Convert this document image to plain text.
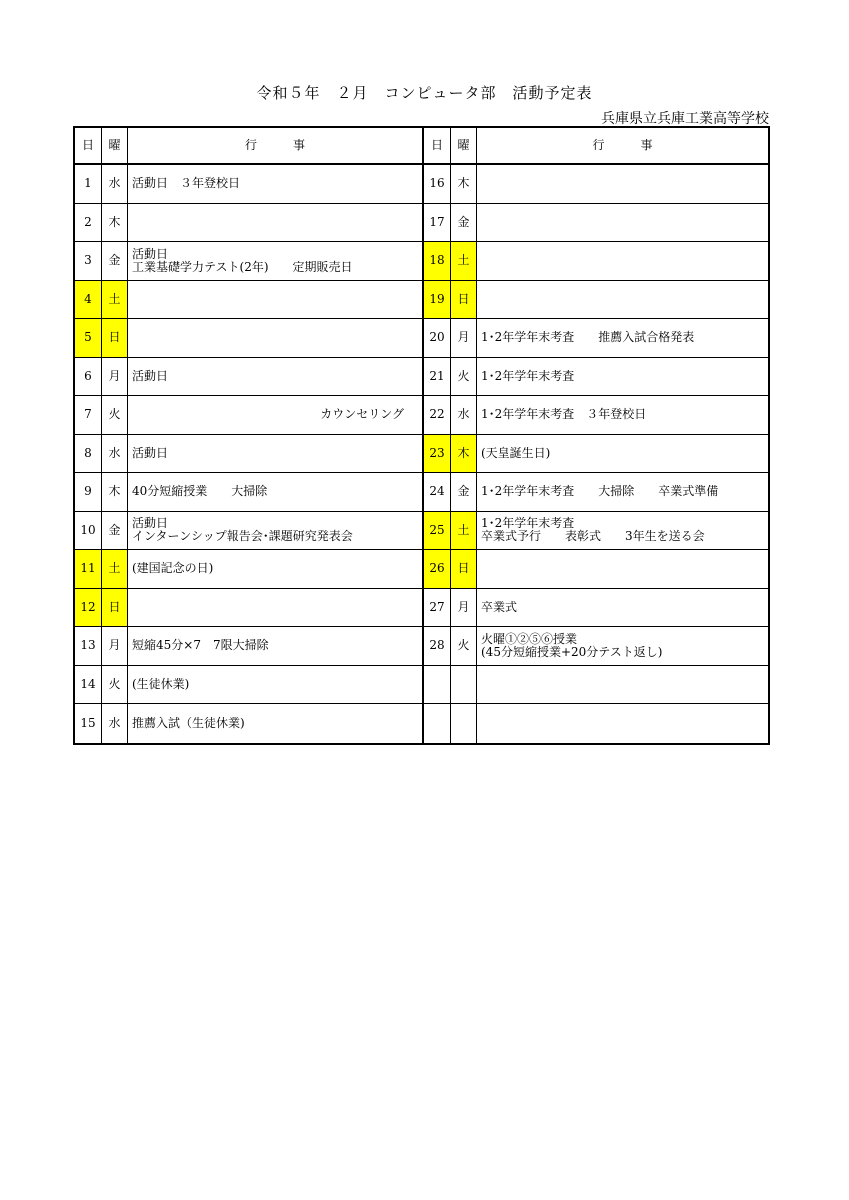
令和５年　２月　コンピュータ部　活動予定表
兵庫県立兵庫工業高等学校
日	曜	行　　　事
1	水 活動日　３年登校日
2	木
3	金 活動日
工業基礎学力テスト(2年)　　定期販売日
4	土
5	日
6	月 活動日
7	火	カウンセリング
8	水 活動日
9	木 40分短縮授業　　大掃除
10	金 活動日
インターンシップ報告会･課題研究発表会
11	土 (建国記念の日)
12	日
13	月 短縮45分×7　7限大掃除
14	火 (生徒休業)
15	水 推薦入試（生徒休業)
日	曜	行　　　事
16	木
17	金
18	土
19	日
20	月 1･2年学年末考査　　推薦入試合格発表
21	火 1･2年学年末考査
22	水 1･2年学年末考査　３年登校日
23	木 (天皇誕生日)
24	金 1･2年学年末考査　　大掃除　　卒業式準備
25	土 1･2年学年末考査
卒業式予行　　表彰式　　3年生を送る会
26	日
27	月 卒業式
28	火 火曜①②⑤⑥授業
(45分短縮授業+20分テスト返し)
